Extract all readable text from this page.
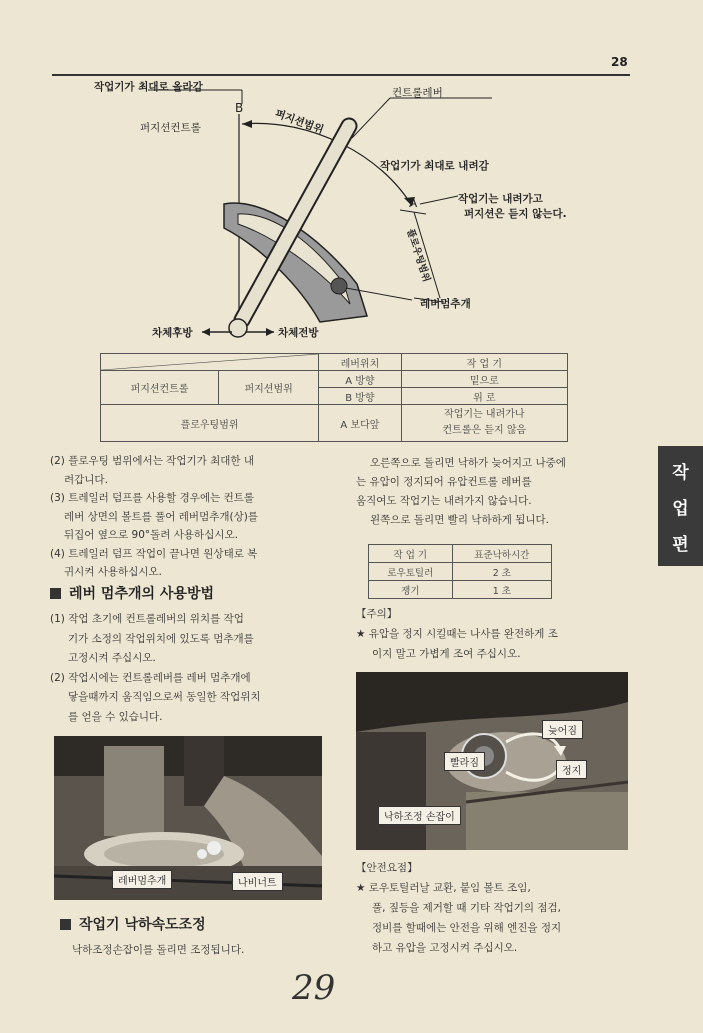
28
작업기가 최대로 올라감	컨트롤레버
B	퍼지션범위
퍼지션컨트롤
작업기가 최대로 내려감
A	작업기는 내려가고
퍼지션은 듣지 않는다.
플로우팅범위
레버멈추개
차체후방	차체전방
	레버위치	작 업 기
퍼지션컨트롤	퍼지션범위	A 방향	밑으로
		B 방향	위 로
플로우팅범위		A 보다앞	작업기는 내려가나
컨트롤은 듣지 않음
(2) 플로우팅 범위에서는 작업기가 최대한 내
려갑니다.
(3) 트레일러 덤프를 사용할 경우에는 컨트롤
레버 상면의 볼트를 풀어 레버멈추개(상)를
뒤집어 옆으로 90°돌려 사용하십시오.
(4) 트레일러 덤프 작업이 끝나면 원상태로 복
귀시켜 사용하십시오.
레버 멈추개의 사용방법
(1) 작업 초기에 컨트롤레버의 위치를 작업
기가 소정의 작업위치에 있도록 멈추개를
고정시켜 주십시오.
(2) 작업시에는 컨트롤레버를 레버 멈추개에
닿을때까지 움직임으로써 동일한 작업위치
를 얻을 수 있습니다.
레버멈추개	나비너트
작업기 낙하속도조정
낙하조정손잡이를 돌리면 조정됩니다.
오른쪽으로 돌리면 낙하가 늦어지고 나중에
는 유압이 정지되어 유압컨트롤 레버를
움직여도 작업기는 내려가지 않습니다.
왼쪽으로 돌리면 빨리 낙하하게 됩니다.
작 업 기	표준낙하시간
로우토틸러	2 초
쟁기	1 초
【주의】
★ 유압을 정지 시킬때는 나사를 완전하게 조
이지 말고 가볍게 조여 주십시오.
늦어짐
빨라짐
정지
낙하조정 손잡이
【안전요점】
★ 로우토틸러날 교환, 붙임 볼트 조임,
풀, 짚등을 제거할 때 기타 작업기의 점검,
정비를 할때에는 안전을 위해 엔진을 정지
하고 유압을 고정시켜 주십시오.
작
업
편
29
